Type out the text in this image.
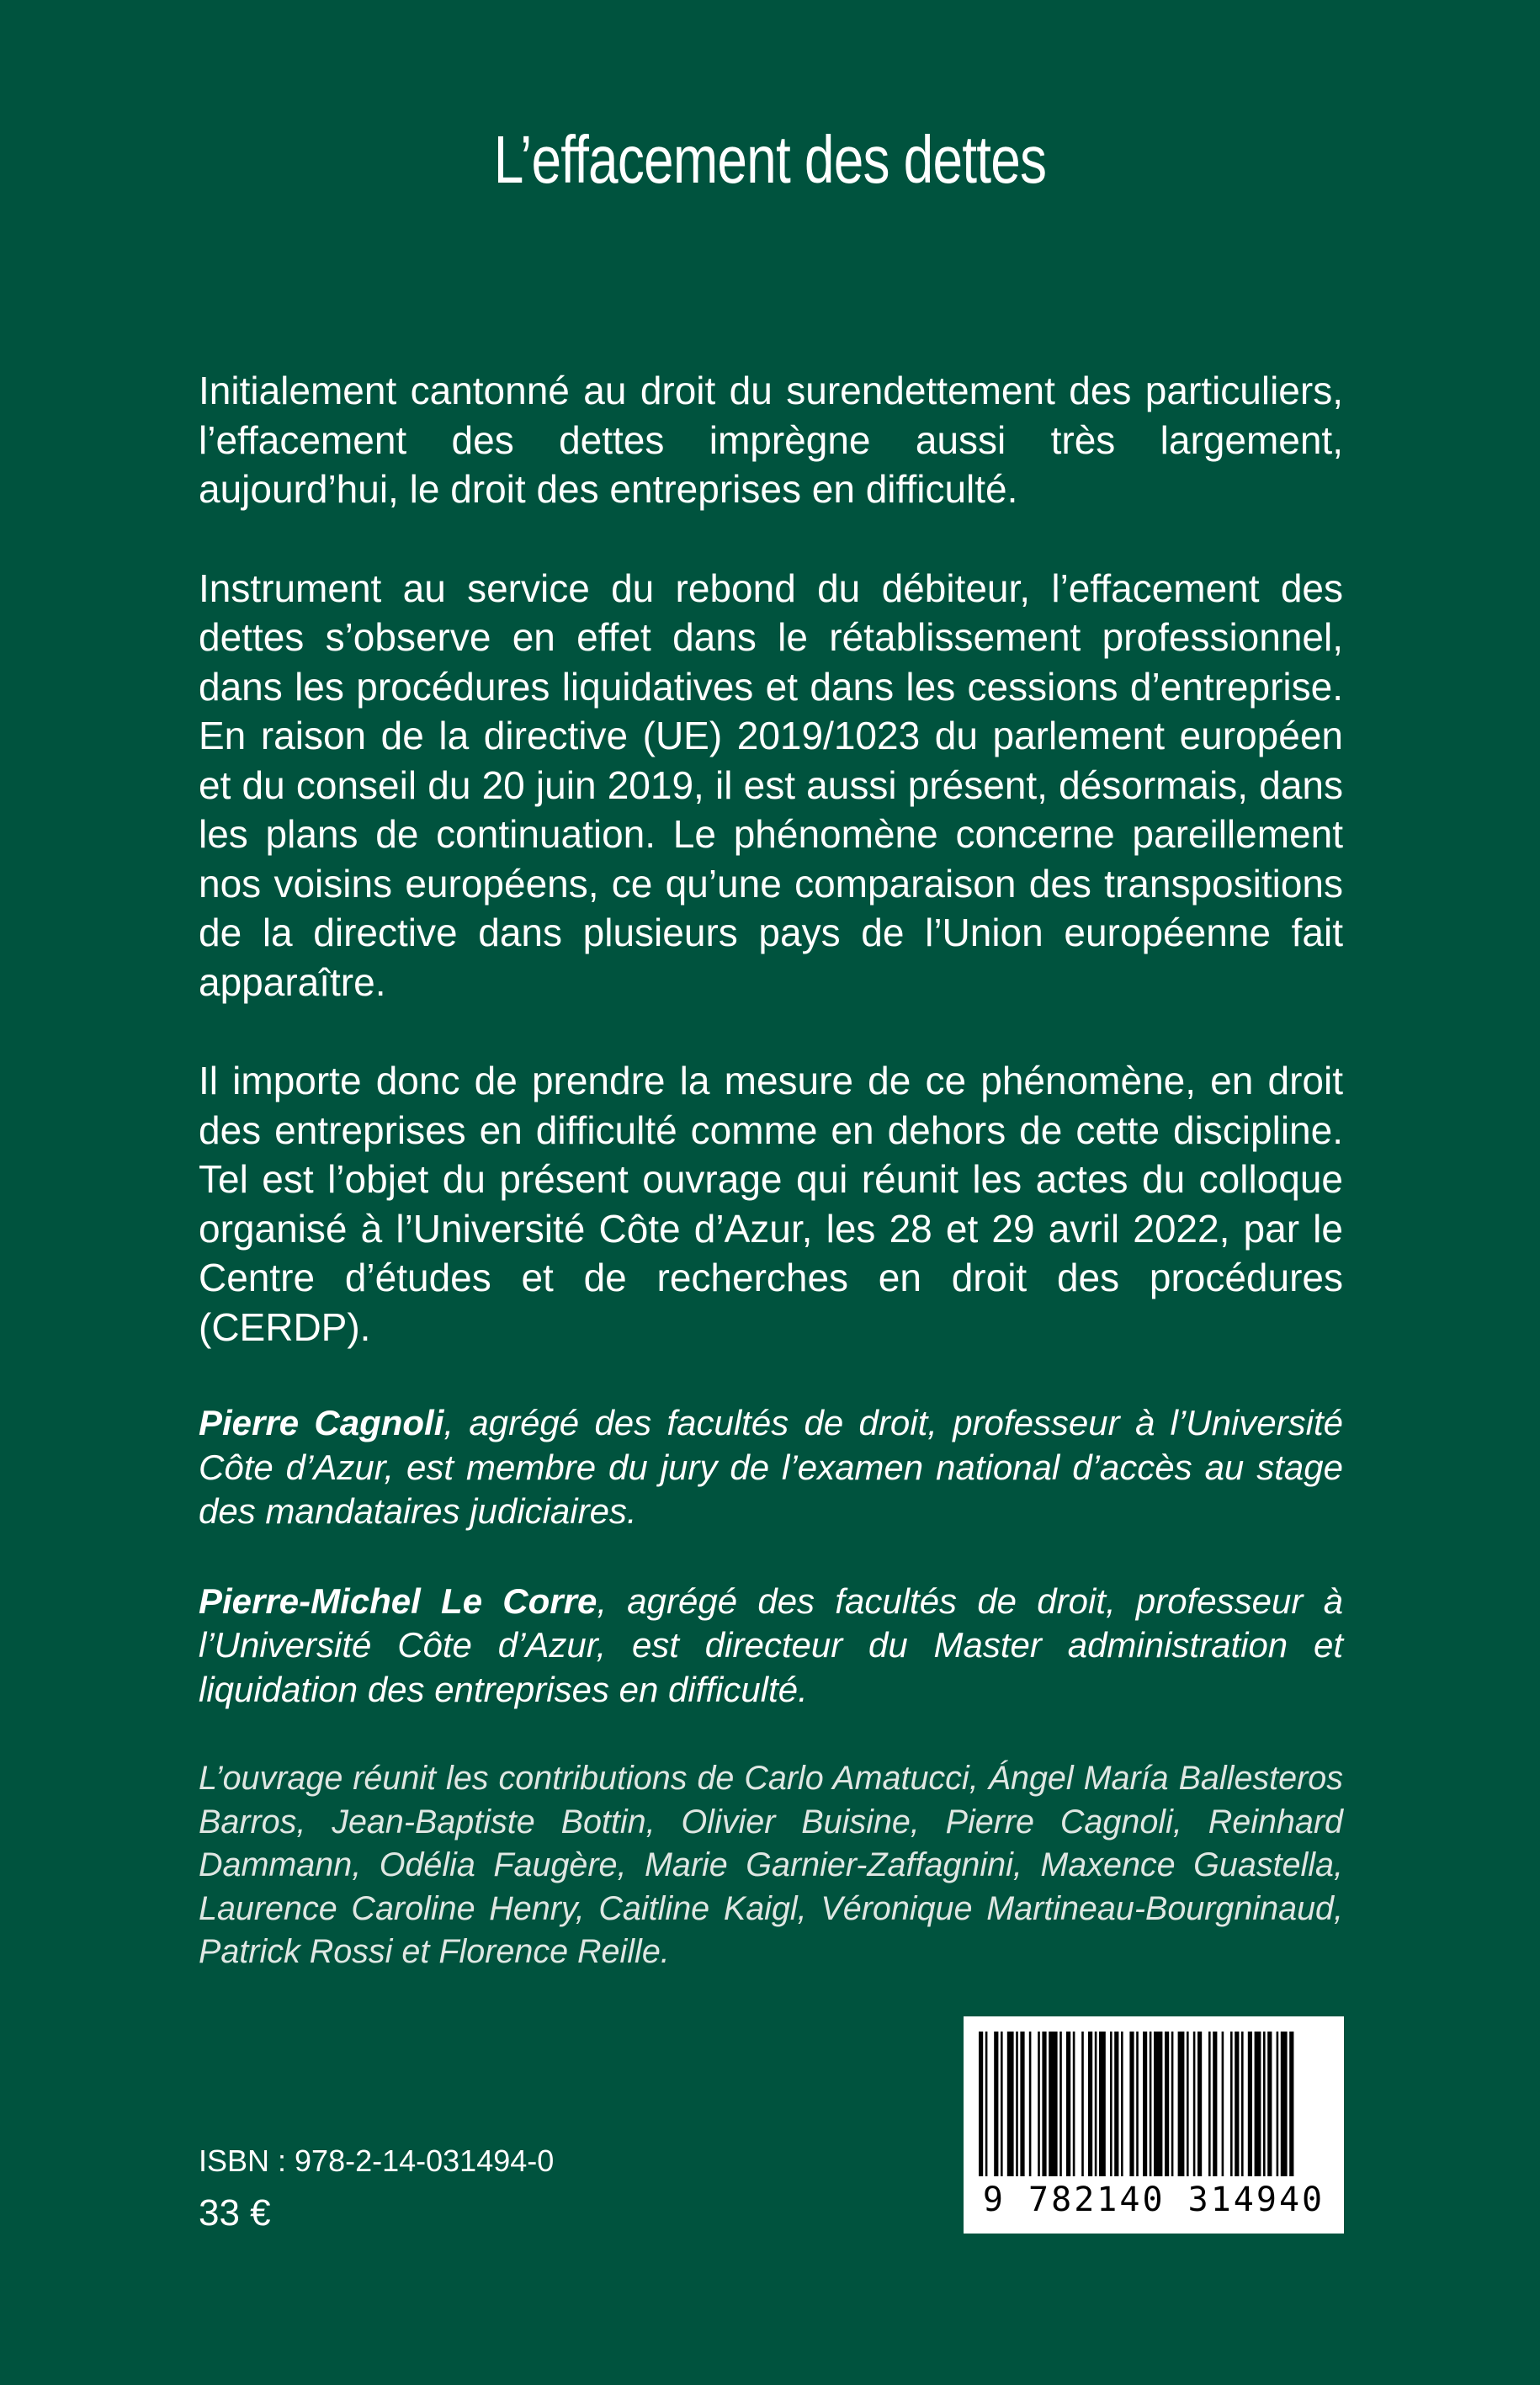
L’effacement des dettes

Initialement cantonné au droit du surendettement des particuliers, l’effacement des dettes imprègne aussi très largement, aujourd’hui, le droit des entreprises en difficulté.

Instrument au service du rebond du débiteur, l’effacement des dettes s’observe en effet dans le rétablissement professionnel, dans les procédures liquidatives et dans les cessions d’entreprise. En raison de la directive (UE) 2019/1023 du parlement européen et du conseil du 20 juin 2019, il est aussi présent, désormais, dans les plans de continuation. Le phénomène concerne pareillement nos voisins européens, ce qu’une comparaison des transpositions de la directive dans plusieurs pays de l’Union européenne fait apparaître.

Il importe donc de prendre la mesure de ce phénomène, en droit des entreprises en difficulté comme en dehors de cette discipline. Tel est l’objet du présent ouvrage qui réunit les actes du colloque organisé à l’Université Côte d’Azur, les 28 et 29 avril 2022, par le Centre d’études et de recherches en droit des procédures (CERDP).

Pierre Cagnoli, agrégé des facultés de droit, professeur à l’Université Côte d’Azur, est membre du jury de l’examen national d’accès au stage des mandataires judiciaires.

Pierre-Michel Le Corre, agrégé des facultés de droit, professeur à l’Université Côte d’Azur, est directeur du Master administration et liquidation des entreprises en difficulté.

L’ouvrage réunit les contributions de Carlo Amatucci, Ángel María Ballesteros Barros, Jean-Baptiste Bottin, Olivier Buisine, Pierre Cagnoli, Reinhard Dammann, Odélia Faugère, Marie Garnier-Zaffagnini, Maxence Guastella, Laurence Caroline Henry, Caitline Kaigl, Véronique Martineau-Bourgninaud, Patrick Rossi et Florence Reille.

ISBN : 978-2-14-031494-0
33 €	9 782140 314940
